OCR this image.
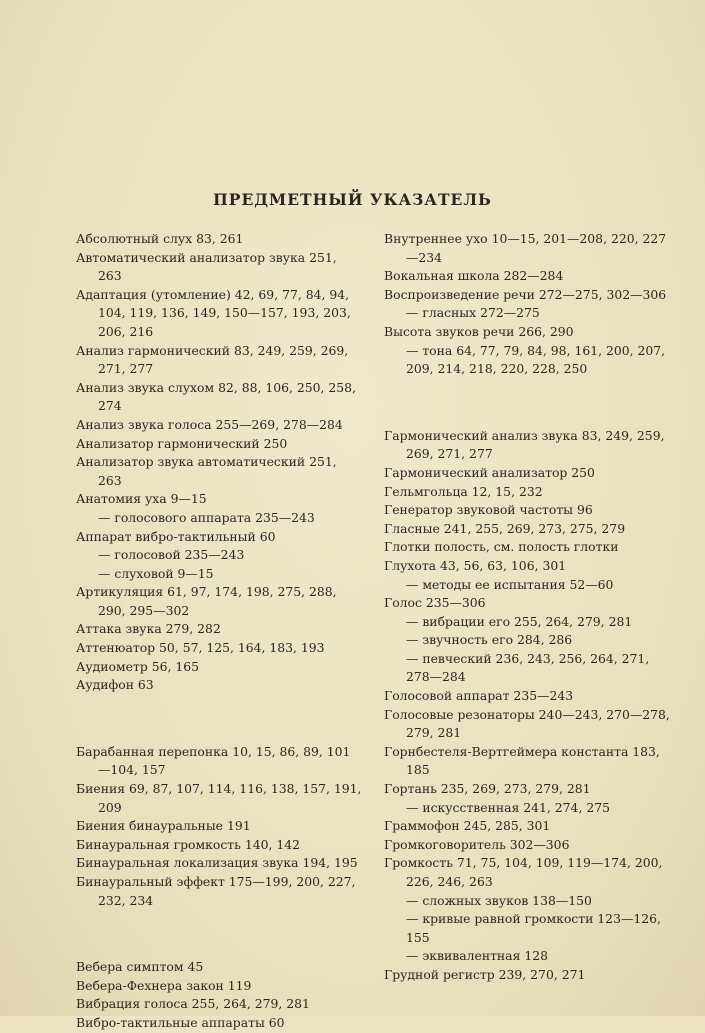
ПРЕДМЕТНЫЙ УКАЗАТЕЛЬ
Абсолютный слух 83, 261
Автоматический анализатор звука 251, 263
Адаптация (утомление) 42, 69, 77, 84, 94, 104, 119, 136, 149, 150—157, 193, 203, 206, 216
Анализ гармонический 83, 249, 259, 269, 271, 277
Анализ звука слухом 82, 88, 106, 250, 258, 274
Анализ звука голоса 255—269, 278—284
Анализатор гармонический 250
Анализатор звука автоматический 251, 263
Анатомия уха 9—15
— голосового аппарата 235—243
Аппарат вибро-тактильный 60
— голосовой 235—243
— слуховой 9—15
Артикуляция 61, 97, 174, 198, 275, 288, 290, 295—302
Аттака звука 279, 282
Аттенюатор 50, 57, 125, 164, 183, 193
Аудиометр 56, 165
Аудифон 63
Барабанная перепонка 10, 15, 86, 89, 101—104, 157
Биения 69, 87, 107, 114, 116, 138, 157, 191, 209
Биения бинауральные 191
Бинауральная громкость 140, 142
Бинауральная локализация звука 194, 195
Бинауральный эффект 175—199, 200, 227, 232, 234
Вебера симптом 45
Вебера-Фехнера закон 119
Вибрация голоса 255, 264, 279, 281
Вибро-тактильные аппараты 60
Внутреннее ухо 10—15, 201—208, 220, 227—234
Вокальная школа 282—284
Воспроизведение речи 272—275, 302—306
— гласных 272—275
Высота звуков речи 266, 290
— тона 64, 77, 79, 84, 98, 161, 200, 207, 209, 214, 218, 220, 228, 250
Гармонический анализ звука 83, 249, 259, 269, 271, 277
Гармонический анализатор 250
Гельмгольца 12, 15, 232
Генератор звуковой частоты 96
Гласные 241, 255, 269, 273, 275, 279
Глотки полость, см. полость глотки
Глухота 43, 56, 63, 106, 301
— методы ее испытания 52—60
Голос 235—306
— вибрации его 255, 264, 279, 281
— звучность его 284, 286
— певческий 236, 243, 256, 264, 271, 278—284
Голосовой аппарат 235—243
Голосовые резонаторы 240—243, 270—278, 279, 281
Горнбестеля-Вертгеймера константа 183, 185
Гортань 235, 269, 273, 279, 281
— искусственная 241, 274, 275
Граммофон 245, 285, 301
Громкоговоритель 302—306
Громкость 71, 75, 104, 109, 119—174, 200, 226, 246, 263
— сложных звуков 138—150
— кривые равной громкости 123—126, 155
— эквивалентная 128
Грудной регистр 239, 270, 271
